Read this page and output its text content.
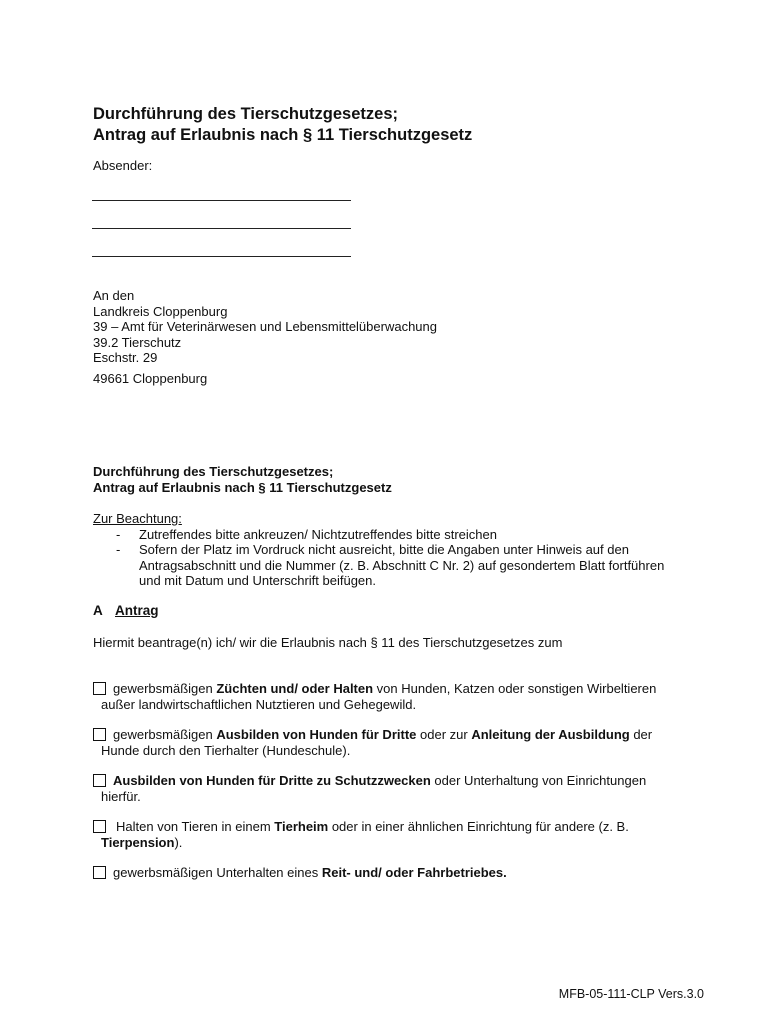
Durchführung des Tierschutzgesetzes;
Antrag auf Erlaubnis nach § 11 Tierschutzgesetz
Absender:
An den
Landkreis Cloppenburg
39 – Amt für Veterinärwesen und Lebensmittelüberwachung
39.2 Tierschutz
Eschstr. 29
49661 Cloppenburg
Durchführung des Tierschutzgesetzes;
Antrag auf Erlaubnis nach § 11 Tierschutzgesetz
Zur Beachtung:
- Zutreffendes bitte ankreuzen/ Nichtzutreffendes bitte streichen
- Sofern der Platz im Vordruck nicht ausreicht, bitte die Angaben unter Hinweis auf den
Antragsabschnitt und die Nummer (z. B. Abschnitt C Nr. 2) auf gesondertem Blatt fortführen
und mit Datum und Unterschrift beifügen.
A Antrag
Hiermit beantrage(n) ich/ wir die Erlaubnis nach § 11 des Tierschutzgesetzes zum
gewerbsmäßigen Züchten und/ oder Halten von Hunden, Katzen oder sonstigen Wirbeltieren
außer landwirtschaftlichen Nutztieren und Gehegewild.
gewerbsmäßigen Ausbilden von Hunden für Dritte oder zur Anleitung der Ausbildung der
Hunde durch den Tierhalter (Hundeschule).
Ausbilden von Hunden für Dritte zu Schutzzwecken oder Unterhaltung von Einrichtungen
hierfür.
Halten von Tieren in einem Tierheim oder in einer ähnlichen Einrichtung für andere (z. B.
Tierpension).
gewerbsmäßigen Unterhalten eines Reit- und/ oder Fahrbetriebes.
MFB-05-111-CLP Vers.3.0
